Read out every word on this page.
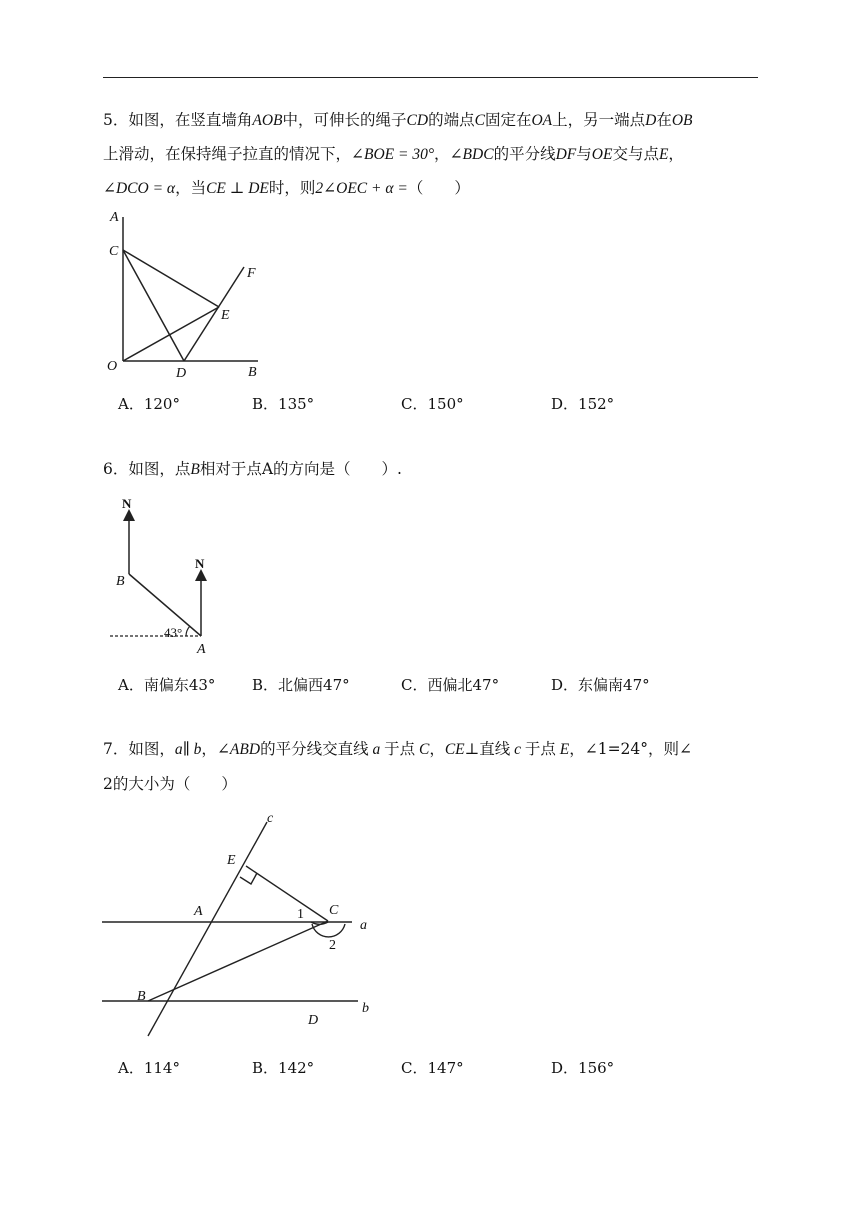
5．如图，在竖直墙角AOB中，可伸长的绳子CD的端点C固定在OA上，另一端点D在OB
上滑动，在保持绳子拉直的情况下，∠BOE = 30°，∠BDC的平分线DF与OE交与点E，
∠DCO = α，当CE ⊥ DE时，则2∠OEC + α =（　　）
A
C
F
E
O	D	B
A．120°	B．135°	C．150°	D．152°
6．如图，点B相对于点A的方向是（　　）.
N
N
B
A
43°
A．南偏东43° B．北偏西47°	C．西偏北47°	D．东偏南47°
7．如图，a∥ b，∠ABD的平分线交直线 a 于点 C，CE⊥直线 c 于点 E，∠1=24°，则∠
2的大小为（　　）
c
E
A	C
a
B
D
b
1
2
A．114°	B．142°	C．147°	D．156°
